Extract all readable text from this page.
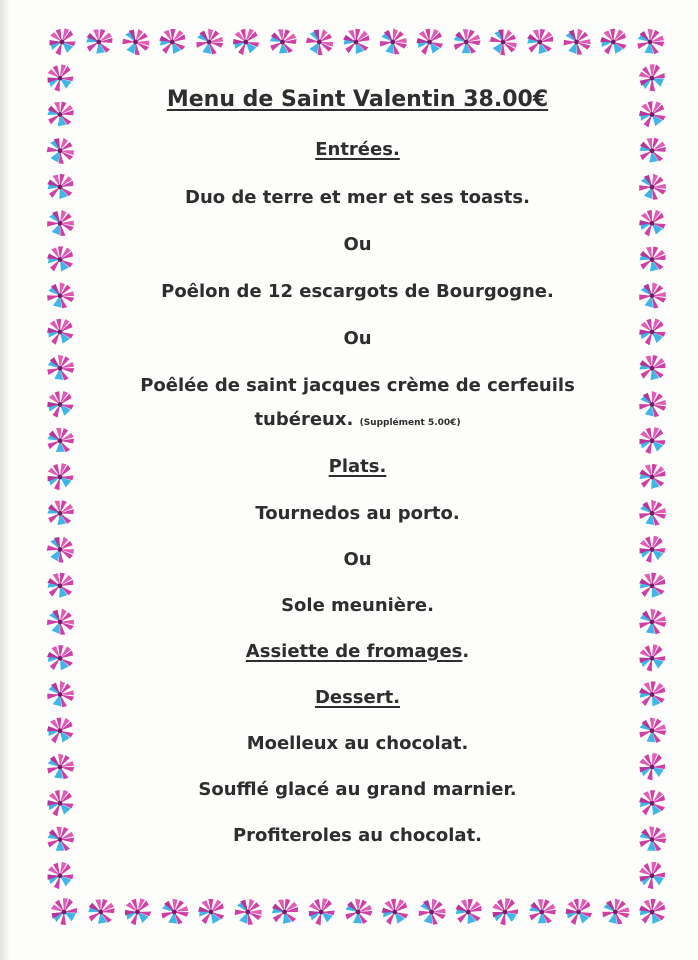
Menu de Saint Valentin 38.00€

Entrées.

Duo de terre et mer et ses toasts.

Ou

Poêlon de 12 escargots de Bourgogne.

Ou

Poêlée de saint jacques crème de cerfeuils

tubéreux. (Supplément 5.00€)

Plats.

Tournedos au porto.

Ou

Sole meunière.

Assiette de fromages.

Dessert.

Moelleux au chocolat.

Soufflé glacé au grand marnier.

Profiteroles au chocolat.
